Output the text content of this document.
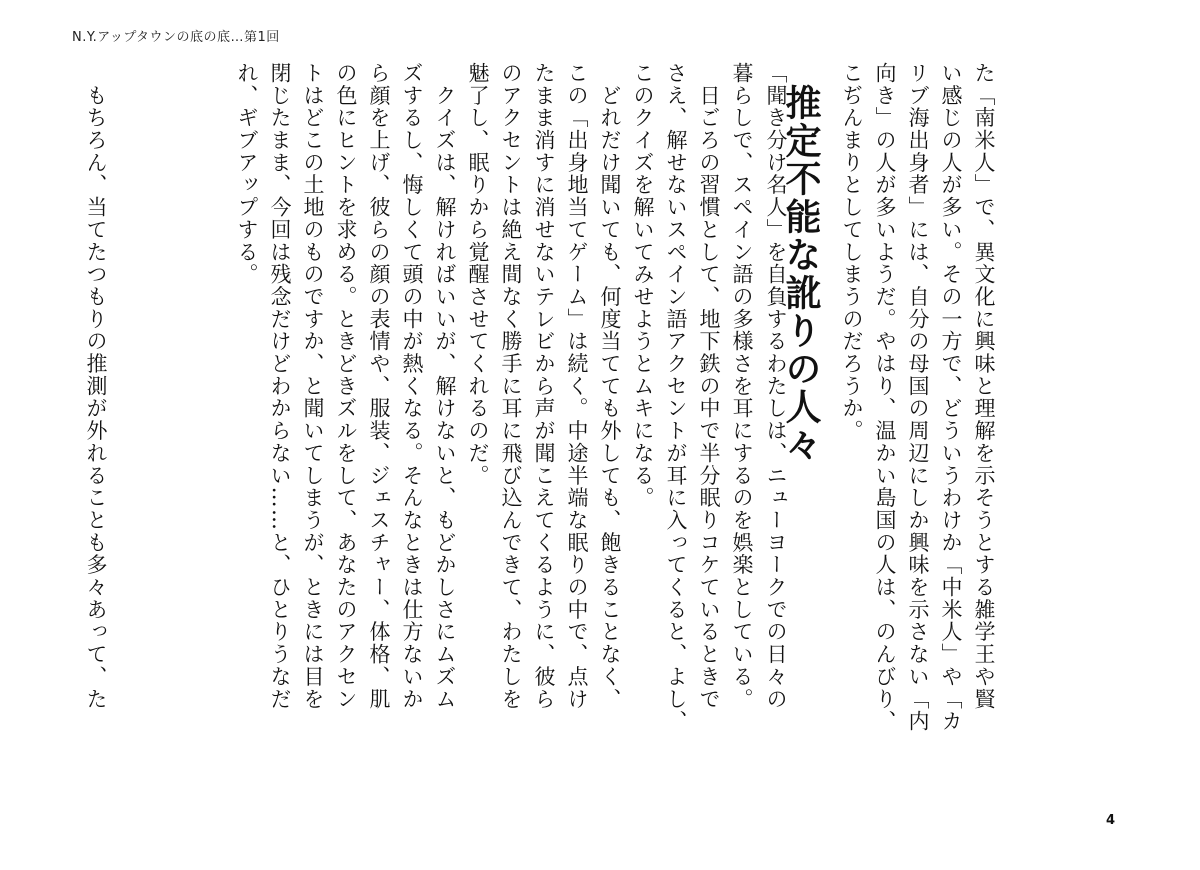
N.Y.アップタウンの底の底…第1回
た「南米人」で、異文化に興味と理解を示そうとする雑学王や賢
い感じの人が多い。その一方で、どういうわけか「中米人」や「カ
リブ海出身者」には、自分の母国の周辺にしか興味を示さない「内
向き」の人が多いようだ。やはり、温かい島国の人は、のんびり、
こぢんまりとしてしまうのだろうか。
推定不能な訛りの人々
「聞き分け名人」を自負するわたしは、ニューヨークでの日々の
暮らしで、スペイン語の多様さを耳にするのを娯楽としている。
　日ごろの習慣として、地下鉄の中で半分眠りコケているときで
さえ、解せないスペイン語アクセントが耳に入ってくると、よし、
このクイズを解いてみせようとムキになる。
　どれだけ聞いても、何度当てても外しても、飽きることなく、
この「出身地当てゲーム」は続く。中途半端な眠りの中で、点け
たまま消すに消せないテレビから声が聞こえてくるように、彼ら
のアクセントは絶え間なく勝手に耳に飛び込んできて、わたしを
魅了し、眠りから覚醒させてくれるのだ。
　クイズは、解ければいいが、解けないと、もどかしさにムズム
ズするし、悔しくて頭の中が熱くなる。そんなときは仕方ないか
ら顔を上げ、彼らの顔の表情や、服装、ジェスチャー、体格、肌
の色にヒントを求める。ときどきズルをして、あなたのアクセン
トはどこの土地のものですか、と聞いてしまうが、ときには目を
閉じたまま、今回は残念だけどわからない……と、ひとりうなだ
れ、ギブアップする。
　もちろん、当てたつもりの推測が外れることも多々あって、た
4
